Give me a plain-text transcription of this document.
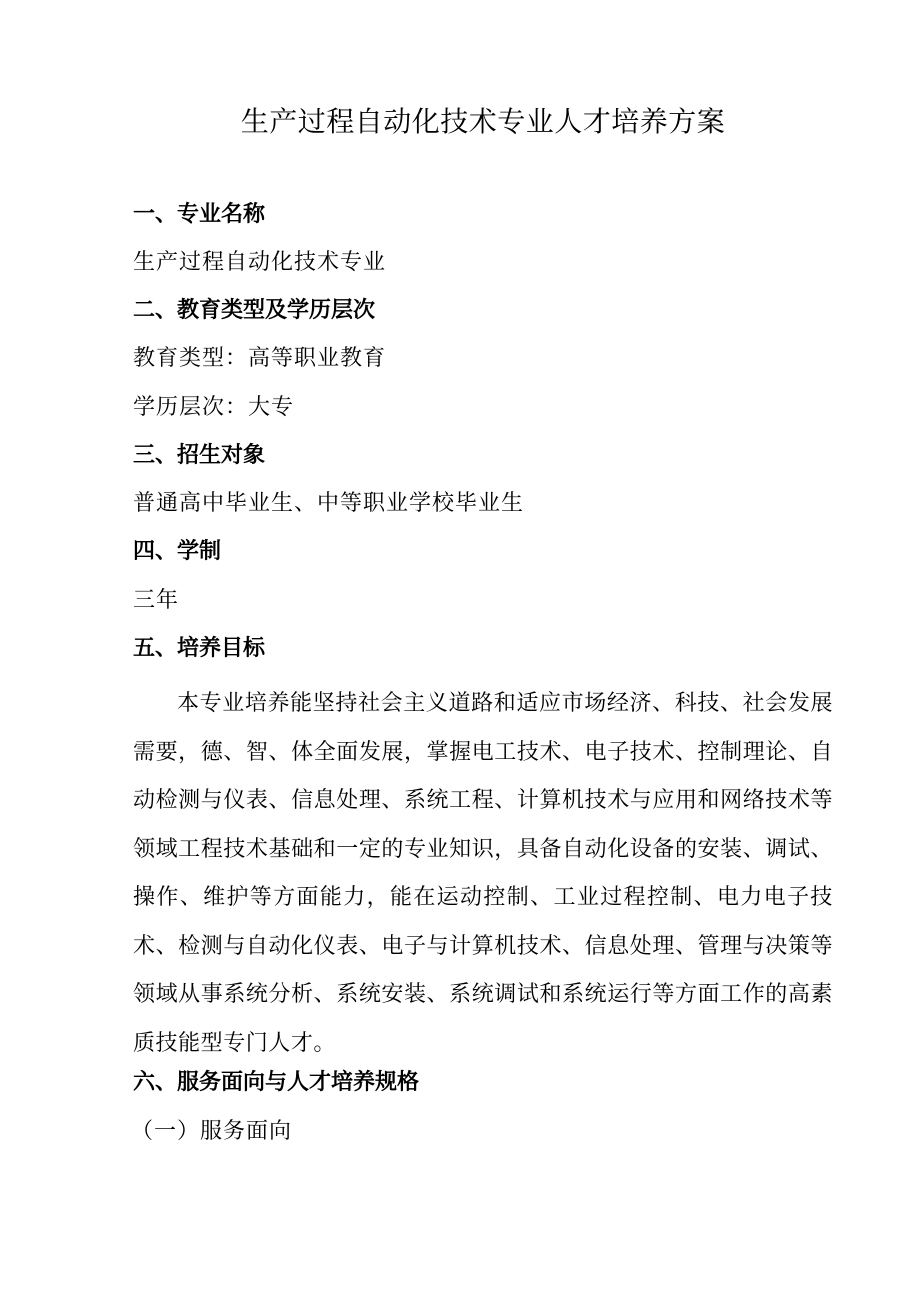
生产过程自动化技术专业人才培养方案
一、专业名称
生产过程自动化技术专业
二、教育类型及学历层次
教育类型：高等职业教育
学历层次：大专
三、招生对象
普通高中毕业生、中等职业学校毕业生
四、学制
三年
五、培养目标

本专业培养能坚持社会主义道路和适应市场经济、科技、社会发展需要，德、智、体全面发展，掌握电工技术、电子技术、控制理论、自动检测与仪表、信息处理、系统工程、计算机技术与应用和网络技术等领域工程技术基础和一定的专业知识，具备自动化设备的安装、调试、操作、维护等方面能力，能在运动控制、工业过程控制、电力电子技术、检测与自动化仪表、电子与计算机技术、信息处理、管理与决策等领域从事系统分析、系统安装、系统调试和系统运行等方面工作的高素质技能型专门人才。

六、服务面向与人才培养规格
（一）服务面向
